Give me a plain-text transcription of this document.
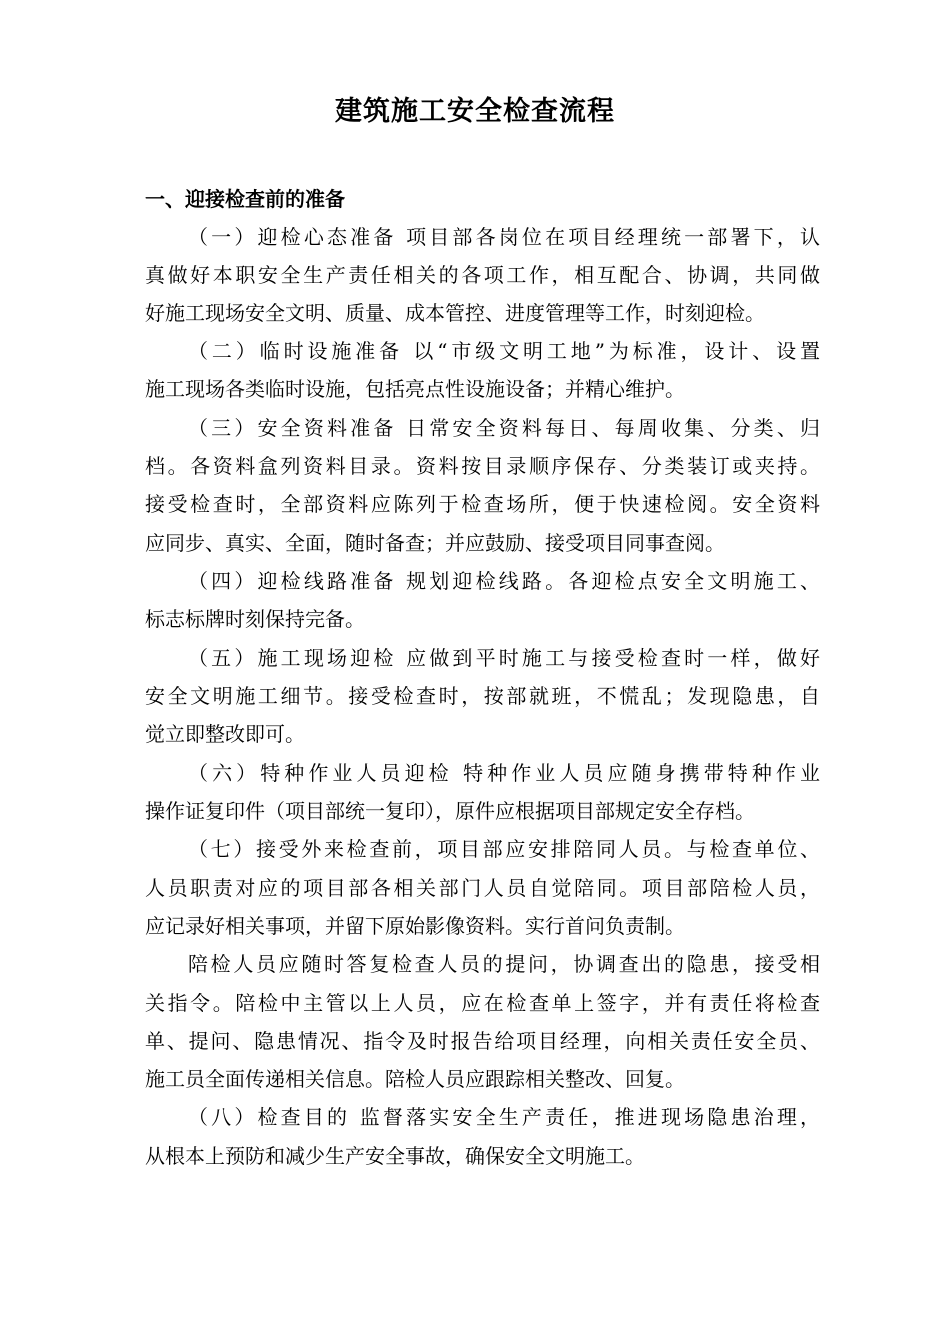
建筑施工安全检查流程
一、迎接检查前的准备
（一）迎检心态准备 项目部各岗位在项目经理统一部署下，认
真做好本职安全生产责任相关的各项工作，相互配合、协调，共同做
好施工现场安全文明、质量、成本管控、进度管理等工作，时刻迎检。
（二）临时设施准备 以“市级文明工地”为标准，设计、设置
施工现场各类临时设施，包括亮点性设施设备；并精心维护。
（三）安全资料准备 日常安全资料每日、每周收集、分类、归
档。各资料盒列资料目录。资料按目录顺序保存、分类装订或夹持。
接受检查时，全部资料应陈列于检查场所，便于快速检阅。安全资料
应同步、真实、全面，随时备查；并应鼓励、接受项目同事查阅。
（四）迎检线路准备 规划迎检线路。各迎检点安全文明施工、
标志标牌时刻保持完备。
（五）施工现场迎检 应做到平时施工与接受检查时一样，做好
安全文明施工细节。接受检查时，按部就班，不慌乱；发现隐患，自
觉立即整改即可。
（六）特种作业人员迎检 特种作业人员应随身携带特种作业
操作证复印件（项目部统一复印），原件应根据项目部规定安全存档。
（七）接受外来检查前，项目部应安排陪同人员。与检查单位、
人员职责对应的项目部各相关部门人员自觉陪同。项目部陪检人员，
应记录好相关事项，并留下原始影像资料。实行首问负责制。
陪检人员应随时答复检查人员的提问，协调查出的隐患，接受相
关指令。陪检中主管以上人员，应在检查单上签字，并有责任将检查
单、提问、隐患情况、指令及时报告给项目经理，向相关责任安全员、
施工员全面传递相关信息。陪检人员应跟踪相关整改、回复。
（八）检查目的 监督落实安全生产责任，推进现场隐患治理，
从根本上预防和减少生产安全事故，确保安全文明施工。
